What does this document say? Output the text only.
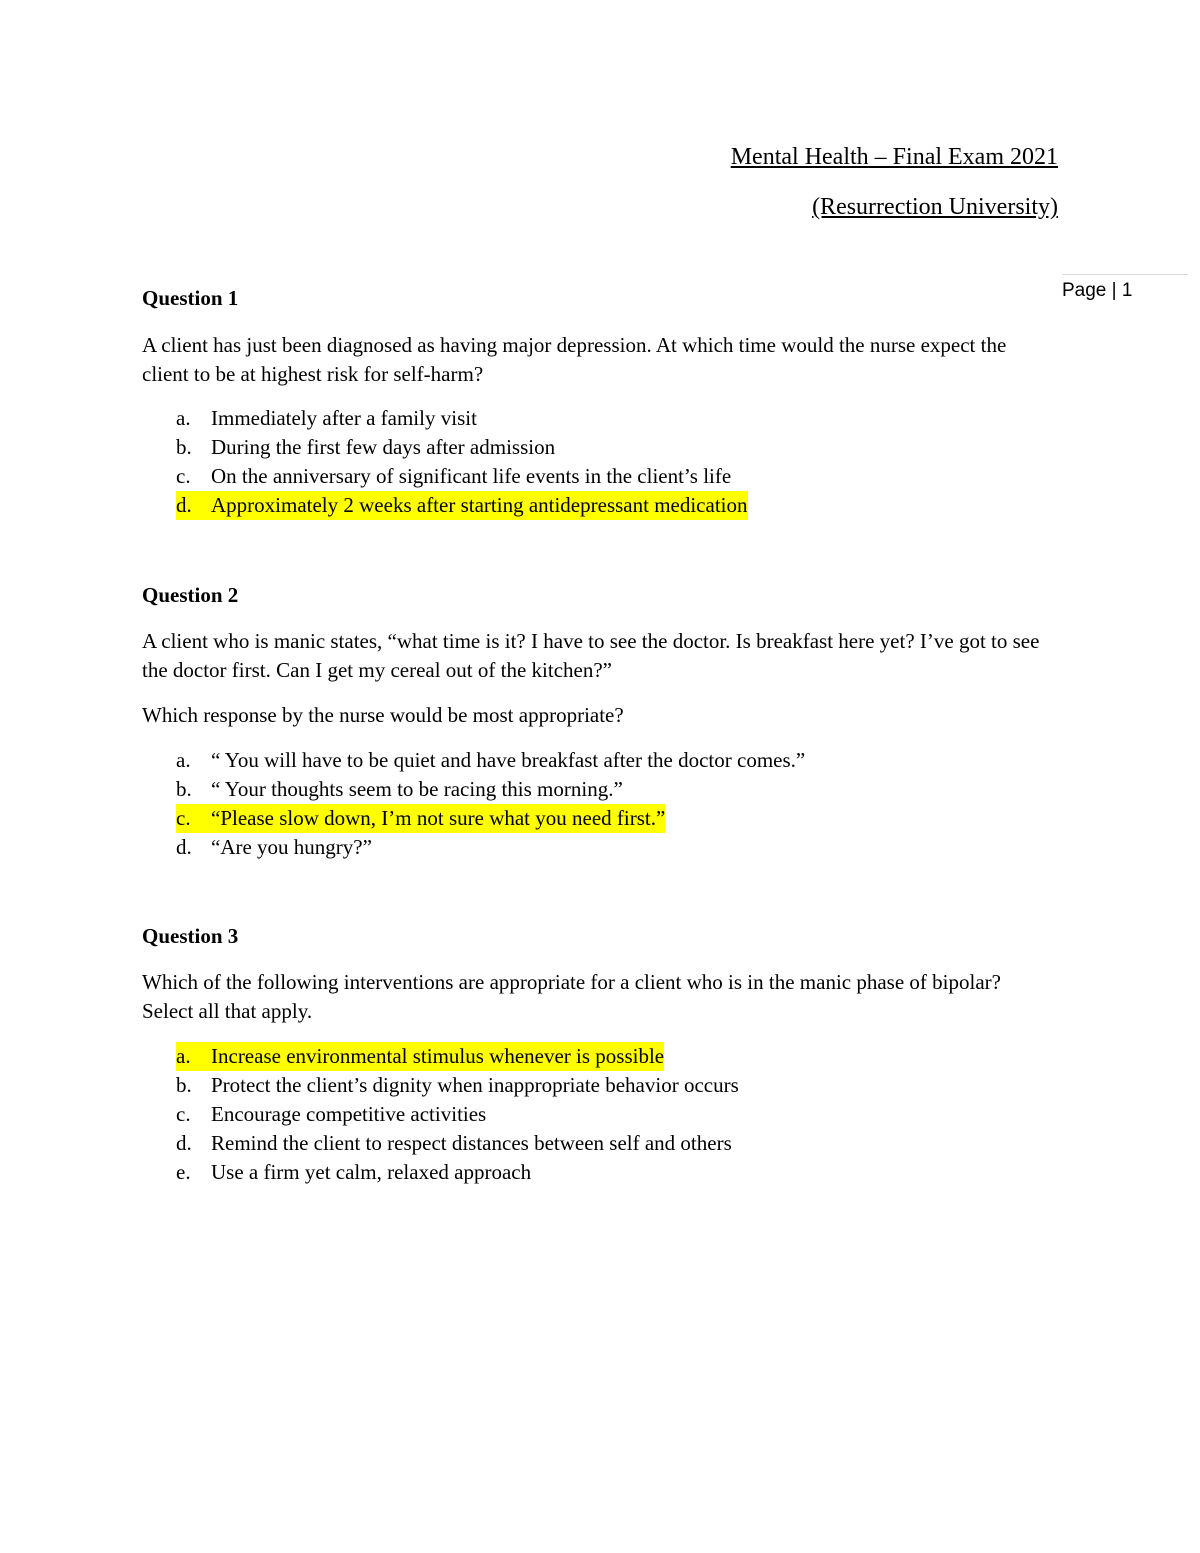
Mental Health – Final Exam 2021
(Resurrection University)
Page | 1
Question 1
A client has just been diagnosed as having major depression. At which time would the nurse expect the client to be at highest risk for self-harm?
a. Immediately after a family visit
b. During the first few days after admission
c. On the anniversary of significant life events in the client’s life
d. Approximately 2 weeks after starting antidepressant medication
Question 2
A client who is manic states, “what time is it? I have to see the doctor. Is breakfast here yet? I’ve got to see the doctor first. Can I get my cereal out of the kitchen?”
Which response by the nurse would be most appropriate?
a. “ You will have to be quiet and have breakfast after the doctor comes.”
b. “ Your thoughts seem to be racing this morning.”
c. “Please slow down, I’m not sure what you need first.”
d. “Are you hungry?”
Question 3
Which of the following interventions are appropriate for a client who is in the manic phase of bipolar? Select all that apply.
a. Increase environmental stimulus whenever is possible
b. Protect the client’s dignity when inappropriate behavior occurs
c. Encourage competitive activities
d. Remind the client to respect distances between self and others
e. Use a firm yet calm, relaxed approach
